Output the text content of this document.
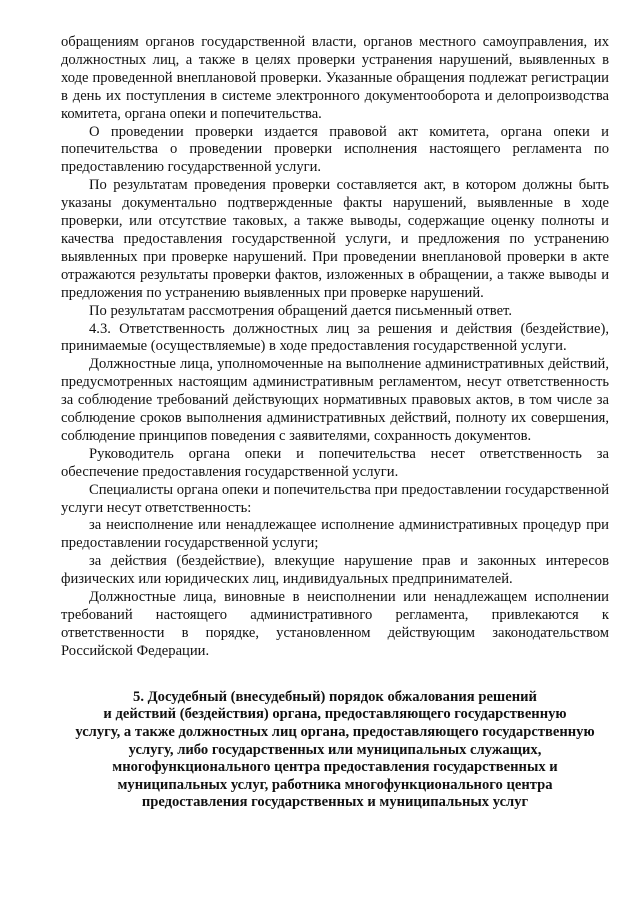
обращениям органов государственной власти, органов местного самоуправления, их должностных лиц, а также в целях проверки устранения нарушений, выявленных в ходе проведенной внеплановой проверки. Указанные обращения подлежат регистрации в день их поступления в системе электронного документооборота и делопроизводства комитета, органа опеки и попечительства.

О проведении проверки издается правовой акт комитета, органа опеки и попечительства о проведении проверки исполнения настоящего регламента по предоставлению государственной услуги.

По результатам проведения проверки составляется акт, в котором должны быть указаны документально подтвержденные факты нарушений, выявленные в ходе проверки, или отсутствие таковых, а также выводы, содержащие оценку полноты и качества предоставления государственной услуги, и предложения по устранению выявленных при проверке нарушений. При проведении внеплановой проверки в акте отражаются результаты проверки фактов, изложенных в обращении, а также выводы и предложения по устранению выявленных при проверке нарушений.

По результатам рассмотрения обращений дается письменный ответ.

4.3. Ответственность должностных лиц за решения и действия (бездействие), принимаемые (осуществляемые) в ходе предоставления государственной услуги.

Должностные лица, уполномоченные на выполнение административных действий, предусмотренных настоящим административным регламентом, несут ответственность за соблюдение требований действующих нормативных правовых актов, в том числе за соблюдение сроков выполнения административных действий, полноту их совершения, соблюдение принципов поведения с заявителями, сохранность документов.

Руководитель органа опеки и попечительства несет ответственность за обеспечение предоставления государственной услуги.

Специалисты органа опеки и попечительства при предоставлении государственной услуги несут ответственность:

за неисполнение или ненадлежащее исполнение административных процедур при предоставлении государственной услуги;

за действия (бездействие), влекущие нарушение прав и законных интересов физических или юридических лиц, индивидуальных предпринимателей.

Должностные лица, виновные в неисполнении или ненадлежащем исполнении требований настоящего административного регламента, привлекаются к ответственности в порядке, установленном действующим законодательством Российской Федерации.

5. Досудебный (внесудебный) порядок обжалования решений
и действий (бездействия) органа, предоставляющего государственную
услугу, а также должностных лиц органа, предоставляющего государственную
услугу, либо государственных или муниципальных служащих,
многофункционального центра предоставления государственных и
муниципальных услуг, работника многофункционального центра
предоставления государственных и муниципальных услуг
